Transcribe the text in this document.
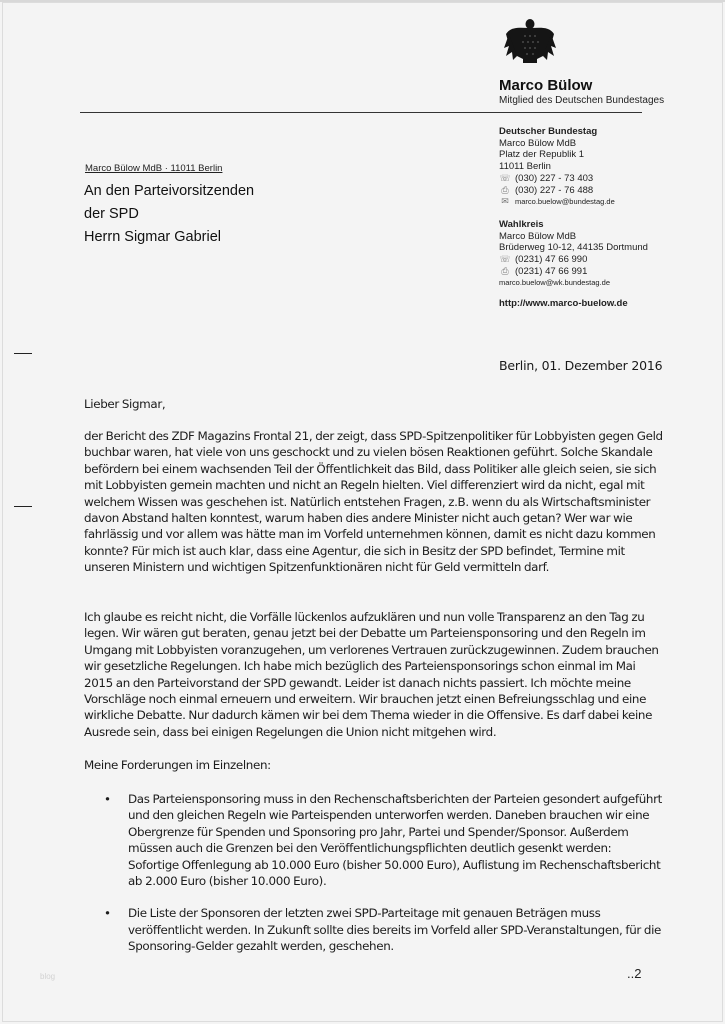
Marco Bülow
Mitglied des Deutschen Bundestages
Deutscher Bundestag
Marco Bülow MdB
Platz der Republik 1
11011 Berlin
☏ (030) 227 - 73 403
⎙ (030) 227 - 76 488
✉ marco.buelow@bundestag.de
Wahlkreis
Marco Bülow MdB
Brüderweg 10-12, 44135 Dortmund
☏ (0231) 47 66 990
⎙ (0231) 47 66 991
marco.buelow@wk.bundestag.de
http://www.marco-buelow.de
Marco Bülow MdB · 11011 Berlin
An den Parteivorsitzenden
der SPD
Herrn Sigmar Gabriel
Berlin, 01. Dezember 2016
Lieber Sigmar,
der Bericht des ZDF Magazins Frontal 21, der zeigt, dass SPD-Spitzenpolitiker für Lobbyisten gegen Geld buchbar waren, hat viele von uns geschockt und zu vielen bösen Reaktionen geführt. Solche Skandale befördern bei einem wachsenden Teil der Öffentlichkeit das Bild, dass Politiker alle gleich seien, sie sich mit Lobbyisten gemein machten und nicht an Regeln hielten. Viel differenziert wird da nicht, egal mit welchem Wissen was geschehen ist. Natürlich entstehen Fragen, z.B. wenn du als Wirtschaftsminister davon Abstand halten konntest, warum haben dies andere Minister nicht auch getan? Wer war wie fahrlässig und vor allem was hätte man im Vorfeld unternehmen können, damit es nicht dazu kommen konnte? Für mich ist auch klar, dass eine Agentur, die sich in Besitz der SPD befindet, Termine mit unseren Ministern und wichtigen Spitzenfunktionären nicht für Geld vermitteln darf.
Ich glaube es reicht nicht, die Vorfälle lückenlos aufzuklären und nun volle Transparenz an den Tag zu legen. Wir wären gut beraten, genau jetzt bei der Debatte um Parteiensponsoring und den Regeln im Umgang mit Lobbyisten voranzugehen, um verlorenes Vertrauen zurückzugewinnen. Zudem brauchen wir gesetzliche Regelungen. Ich habe mich bezüglich des Parteiensponsorings schon einmal im Mai 2015 an den Parteivorstand der SPD gewandt. Leider ist danach nichts passiert. Ich möchte meine Vorschläge noch einmal erneuern und erweitern. Wir brauchen jetzt einen Befreiungsschlag und eine wirkliche Debatte. Nur dadurch kämen wir bei dem Thema wieder in die Offensive. Es darf dabei keine Ausrede sein, dass bei einigen Regelungen die Union nicht mitgehen wird.
Meine Forderungen im Einzelnen:
• Das Parteiensponsoring muss in den Rechenschaftsberichten der Parteien gesondert aufgeführt und den gleichen Regeln wie Parteispenden unterworfen werden. Daneben brauchen wir eine Obergrenze für Spenden und Sponsoring pro Jahr, Partei und Spender/Sponsor. Außerdem müssen auch die Grenzen bei den Veröffentlichungspflichten deutlich gesenkt werden: Sofortige Offenlegung ab 10.000 Euro (bisher 50.000 Euro), Auflistung im Rechenschaftsbericht ab 2.000 Euro (bisher 10.000 Euro).
• Die Liste der Sponsoren der letzten zwei SPD-Parteitage mit genauen Beträgen muss veröffentlicht werden. In Zukunft sollte dies bereits im Vorfeld aller SPD-Veranstaltungen, für die Sponsoring-Gelder gezahlt werden, geschehen.
blog	..2
